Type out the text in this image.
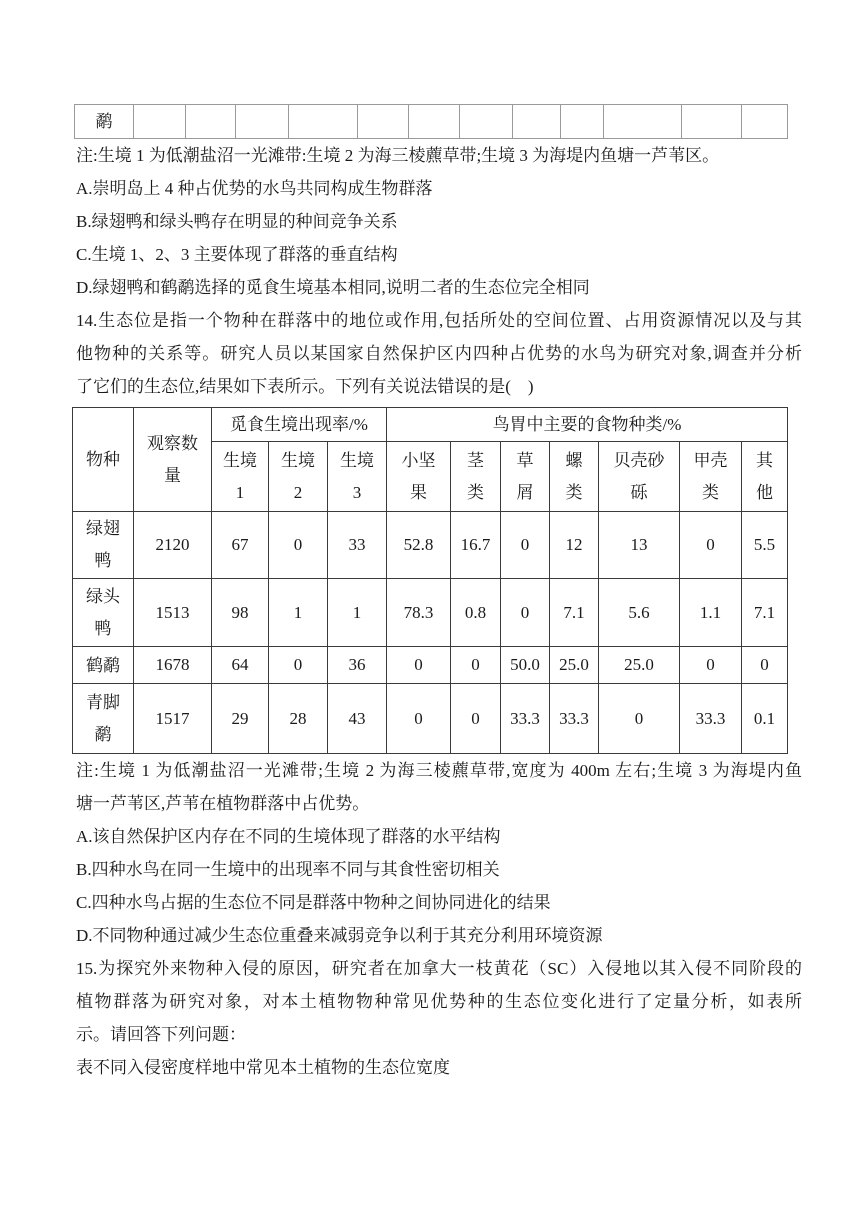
鹬												
注:生境 1 为低潮盐沼一光滩带:生境 2 为海三棱藨草带;生境 3 为海堤内鱼塘一芦苇区。
A.崇明岛上 4 种占优势的水鸟共同构成生物群落
B.绿翅鸭和绿头鸭存在明显的种间竞争关系
C.生境 1、2、3 主要体现了群落的垂直结构
D.绿翅鸭和鹤鹬选择的觅食生境基本相同,说明二者的生态位完全相同
14.生态位是指一个物种在群落中的地位或作用,包括所处的空间位置、占用资源情况以及与其
他物种的关系等。研究人员以某国家自然保护区内四种占优势的水鸟为研究对象,调查并分析
了它们的生态位,结果如下表所示。下列有关说法错误的是(    )
物种	观察数量	觅食生境出现率/%			鸟胃中主要的食物种类/%						
		生境1	生境2	生境3	小坚果	茎类	草屑	螺类	贝壳砂砾	甲壳类	其他
绿翅鸭	2120	67	0	33	52.8	16.7	0	12	13	0	5.5
绿头鸭	1513	98	1	1	78.3	0.8	0	7.1	5.6	1.1	7.1
鹤鹬	1678	64	0	36	0	0	50.0	25.0	25.0	0	0
青脚鹬	1517	29	28	43	0	0	33.3	33.3	0	33.3	0.1
注:生境 1 为低潮盐沼一光滩带;生境 2 为海三棱藨草带,宽度为 400m 左右;生境 3 为海堤内鱼
塘一芦苇区,芦苇在植物群落中占优势。
A.该自然保护区内存在不同的生境体现了群落的水平结构
B.四种水鸟在同一生境中的出现率不同与其食性密切相关
C.四种水鸟占据的生态位不同是群落中物种之间协同进化的结果
D.不同物种通过减少生态位重叠来减弱竞争以利于其充分利用环境资源
15.为探究外来物种入侵的原因，研究者在加拿大一枝黄花（SC）入侵地以其入侵不同阶段的
植物群落为研究对象，对本土植物物种常见优势种的生态位变化进行了定量分析，如表所
示。请回答下列问题：
表不同入侵密度样地中常见本土植物的生态位宽度
